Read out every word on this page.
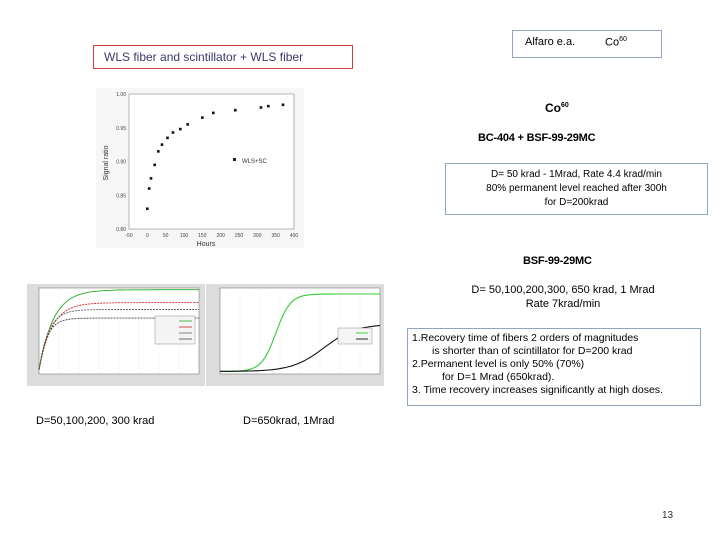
WLS fiber and scintillator + WLS fiber
Alfaro e.a.	Co$^{60}$
0.80
0.85
0.90
0.95
1.00
-50	0	50 100 150 200 250 300 350 400
WLS+SC
Hours
Signal ratio
Co$^{60}$
BC-404 + BSF-99-29MC
D= 50 krad - 1Mrad, Rate 4.4 krad/min
80% permanent level reached after 300h
for D=200krad
BSF-99-29MC
D= 50,100,200,300, 650 krad, 1 Mrad
Rate 7krad/min
1.Recovery time of fibers 2 orders of magnitudes
is shorter than of scintillator for D=200 krad
2.Permanent level is only 50% (70%)
for D=1 Mrad (650krad).
3. Time recovery increases significantly at high doses.
D=50,100,200, 300 krad	D=650krad, 1Mrad
13
